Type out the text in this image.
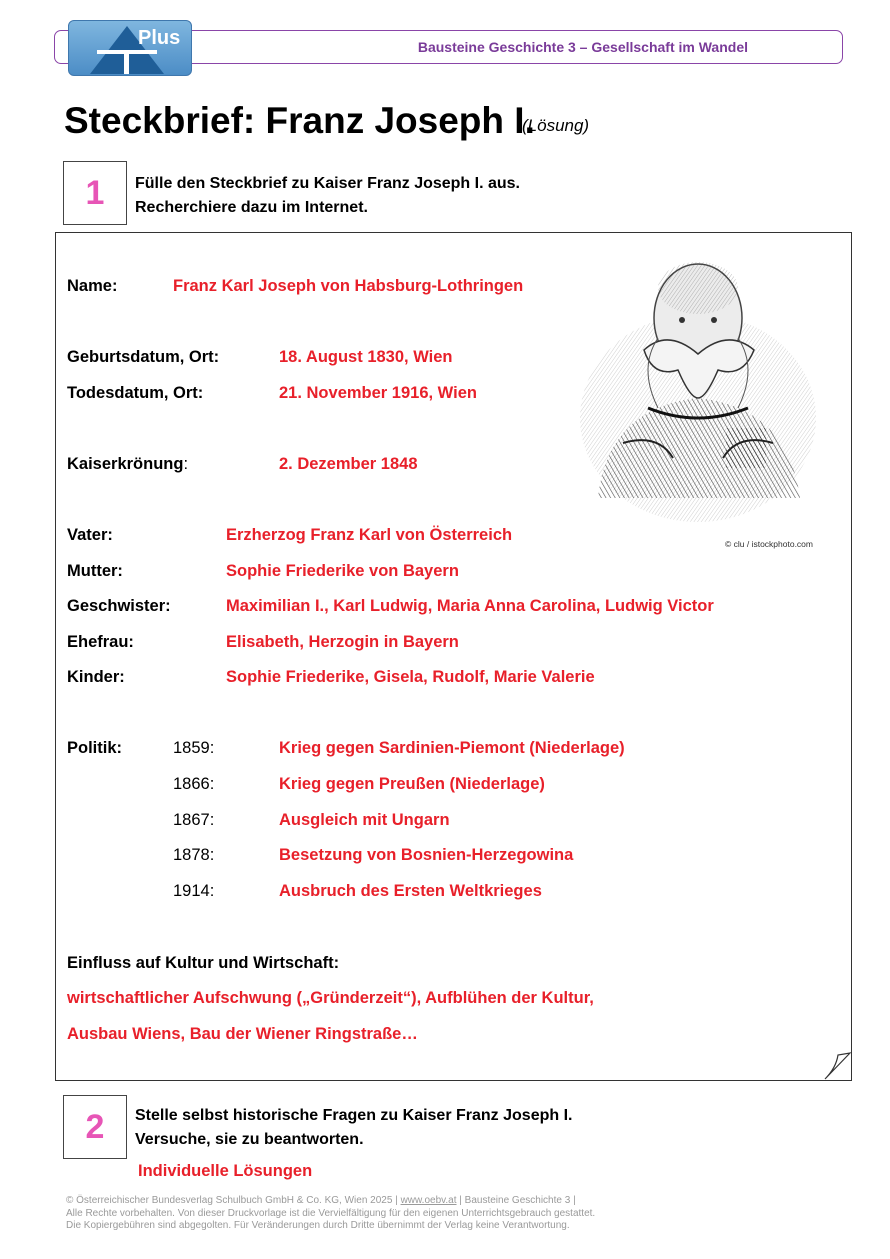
Bausteine Geschichte 3 – Gesellschaft im Wandel
Plus
Steckbrief: Franz Joseph I.
(Lösung)
1 Fülle den Steckbrief zu Kaiser Franz Joseph I. aus.
Recherchiere dazu im Internet.
© clu / istockphoto.com
Name:	Franz Karl Joseph von Habsburg-Lothringen
Geburtsdatum, Ort:	18. August 1830, Wien
Todesdatum, Ort:	21. November 1916, Wien
Kaiserkrönung:	2. Dezember 1848
Vater:	Erzherzog Franz Karl von Österreich
Mutter:	Sophie Friederike von Bayern
Geschwister:	Maximilian I., Karl Ludwig, Maria Anna Carolina, Ludwig Victor
Ehefrau:	Elisabeth, Herzogin in Bayern
Kinder:	Sophie Friederike, Gisela, Rudolf, Marie Valerie
Politik:	1859:	Krieg gegen Sardinien-Piemont (Niederlage)
1866:	Krieg gegen Preußen (Niederlage)
1867:	Ausgleich mit Ungarn
1878:	Besetzung von Bosnien-Herzegowina
1914:	Ausbruch des Ersten Weltkrieges
Einfluss auf Kultur und Wirtschaft:
wirtschaftlicher Aufschwung („Gründerzeit“), Aufblühen der Kultur,
Ausbau Wiens, Bau der Wiener Ringstraße…
2 Stelle selbst historische Fragen zu Kaiser Franz Joseph I.
Versuche, sie zu beantworten.
Individuelle Lösungen
© Österreichischer Bundesverlag Schulbuch GmbH & Co. KG, Wien 2025 | www.oebv.at | Bausteine Geschichte 3 |
Alle Rechte vorbehalten. Von dieser Druckvorlage ist die Vervielfältigung für den eigenen Unterrichtsgebrauch gestattet.
Die Kopiergebühren sind abgegolten. Für Veränderungen durch Dritte übernimmt der Verlag keine Verantwortung.
